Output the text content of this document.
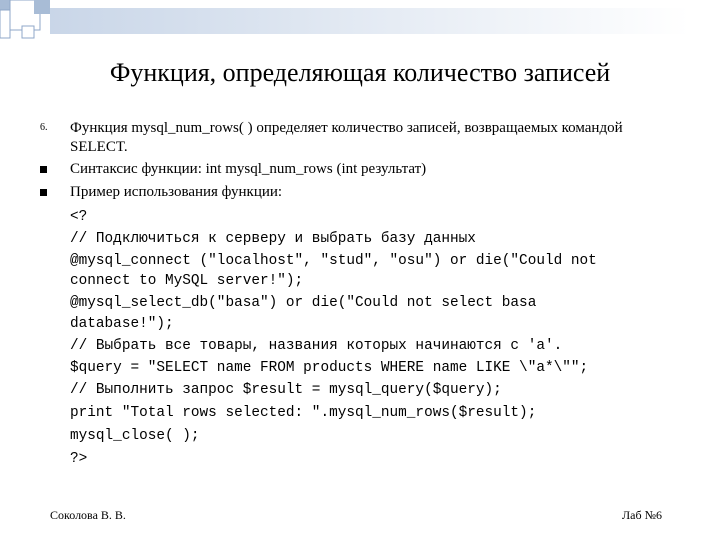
Функция, определяющая количество записей
6. Функция mysql_num_rows( ) определяет количество записей, возвращаемых командой
SELECT.
Синтаксис функции: int mysql_num_rows (int результат)
Пример использования функции:
<?
// Подключиться к серверу и выбрать базу данных
@mysql_connect ("localhost", "stud", "osu") or die("Could not
connect to MySQL server!");
@mysql_select_db("basa") or die("Could not select basa
database!");
// Выбрать все товары, названия которых начинаются с 'а'.
$query = "SELECT name FROM products WHERE name LIKE \"а*\"";
// Выполнить запрос $result = mysql_query($query);
print "Total rows selected: ".mysql_num_rows($result);
mysql_close( );
?>
Соколова В. В.	Лаб №6
